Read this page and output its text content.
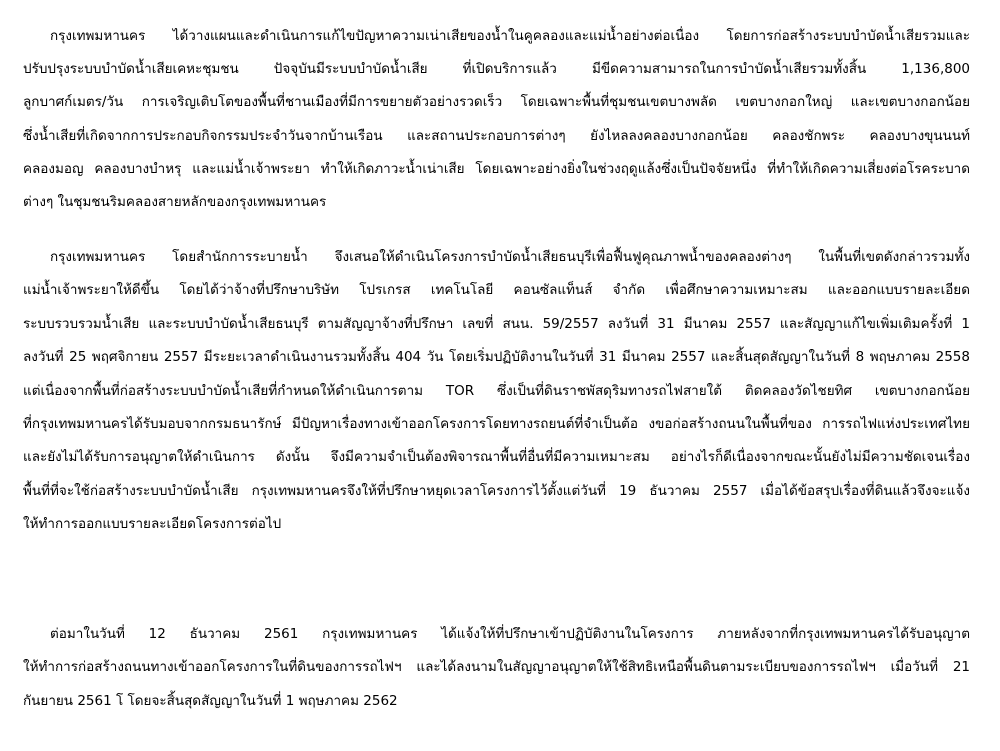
กรุงเทพมหานคร ได้วางแผนและดำเนินการแก้ไขปัญหาความเน่าเสียของน้ำในคูคลองและแม่น้ำอย่างต่อเนื่อง โดยการก่อสร้างระบบบำบัดน้ำเสียรวมและ
ปรับปรุงระบบบำบัดน้ำเสียเคหะชุมชน ปัจจุบันมีระบบบำบัดน้ำเสีย ที่เปิดบริการแล้ว มีขีดความสามารถในการบำบัดน้ำเสียรวมทั้งสิ้น 1,136,800
ลูกบาศก์เมตร/วัน การเจริญเติบโตของพื้นที่ชานเมืองที่มีการขยายตัวอย่างรวดเร็ว โดยเฉพาะพื้นที่ชุมชนเขตบางพลัด เขตบางกอกใหญ่ และเขตบางกอกน้อย
ซึ่งน้ำเสียที่เกิดจากการประกอบกิจกรรมประจำวันจากบ้านเรือน และสถานประกอบการต่างๆ ยังไหลลงคลองบางกอกน้อย คลองชักพระ คลองบางขุนนนท์
คลองมอญ คลองบางบำหรุ และแม่น้ำเจ้าพระยา ทำให้เกิดภาวะน้ำเน่าเสีย โดยเฉพาะอย่างยิ่งในช่วงฤดูแล้งซึ่งเป็นปัจจัยหนึ่ง ที่ทำให้เกิดความเสี่ยงต่อโรคระบาด
ต่างๆ ในชุมชนริมคลองสายหลักของกรุงเทพมหานคร
กรุงเทพมหานคร โดยสำนักการระบายน้ำ จึงเสนอให้ดำเนินโครงการบำบัดน้ำเสียธนบุรีเพื่อฟื้นฟูคุณภาพน้ำของคลองต่างๆ ในพื้นที่เขตดังกล่าวรวมทั้ง
แม่น้ำเจ้าพระยาให้ดีขึ้น โดยได้ว่าจ้างที่ปรึกษาบริษัท โปรเกรส เทคโนโลยี คอนซัลแท็นส์ จำกัด เพื่อศึกษาความเหมาะสม และออกแบบรายละเอียด
ระบบรวบรวมน้ำเสีย และระบบบำบัดน้ำเสียธนบุรี ตามสัญญาจ้างที่ปรึกษา เลขที่ สนน. 59/2557 ลงวันที่ 31 มีนาคม 2557 และสัญญาแก้ไขเพิ่มเติมครั้งที่ 1
ลงวันที่ 25 พฤศจิกายน 2557 มีระยะเวลาดำเนินงานรวมทั้งสิ้น 404 วัน โดยเริ่มปฏิบัติงานในวันที่ 31 มีนาคม 2557 และสิ้นสุดสัญญาในวันที่ 8 พฤษภาคม 2558
แต่เนื่องจากพื้นที่ก่อสร้างระบบบำบัดน้ำเสียที่กำหนดให้ดำเนินการตาม TOR ซึ่งเป็นที่ดินราชพัสดุริมทางรถไฟสายใต้ ติดคลองวัดไชยทิศ เขตบางกอกน้อย
ที่กรุงเทพมหานครได้รับมอบจากกรมธนารักษ์ มีปัญหาเรื่องทางเข้าออกโครงการโดยทางรถยนต์ที่จำเป็นต้อ งขอก่อสร้างถนนในพื้นที่ของ การรถไฟแห่งประเทศไทย
และยังไม่ได้รับการอนุญาตให้ดำเนินการ ดังนั้น จึงมีความจำเป็นต้องพิจารณาพื้นที่อื่นที่มีความเหมาะสม อย่างไรก็ดีเนื่องจากขณะนั้นยังไม่มีความชัดเจนเรื่อง
พื้นที่ที่จะใช้ก่อสร้างระบบบำบัดน้ำเสีย กรุงเทพมหานครจึงให้ที่ปรึกษาหยุดเวลาโครงการไว้ตั้งแต่วันที่ 19 ธันวาคม 2557 เมื่อได้ข้อสรุปเรื่องที่ดินแล้วจึงจะแจ้ง
ให้ทำการออกแบบรายละเอียดโครงการต่อไป
ต่อมาในวันที่ 12 ธันวาคม 2561 กรุงเทพมหานคร ได้แจ้งให้ที่ปรึกษาเข้าปฏิบัติงานในโครงการ ภายหลังจากที่กรุงเทพมหานครได้รับอนุญาต
ให้ทำการก่อสร้างถนนทางเข้าออกโครงการในที่ดินของการรถไฟฯ และได้ลงนามในสัญญาอนุญาตให้ใช้สิทธิเหนือพื้นดินตามระเบียบของการรถไฟฯ เมื่อวันที่ 21
กันยายน 2561 โ โดยจะสิ้นสุดสัญญาในวันที่ 1 พฤษภาคม 2562
